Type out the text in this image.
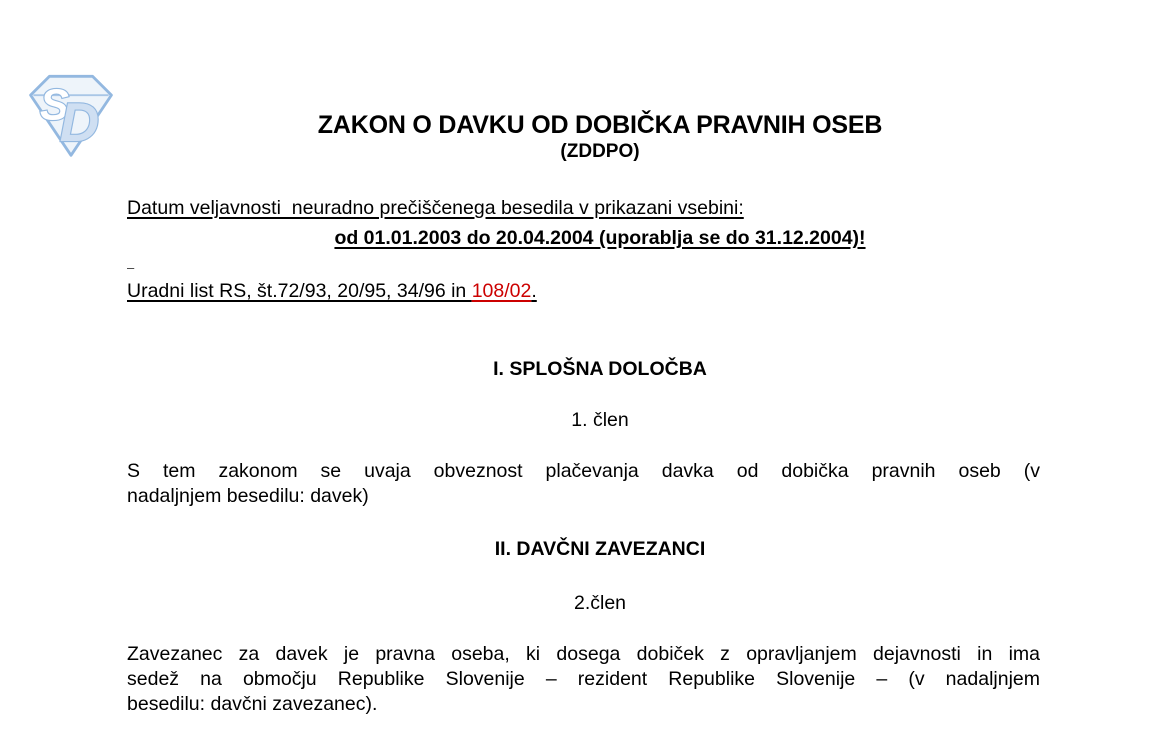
S
D	ZAKON O DAVKU OD DOBIČKA PRAVNIH OSEB
(ZDDPO)
Datum veljavnosti  neuradno prečiščenega besedila v prikazani vsebini:
od 01.01.2003 do 20.04.2004 (uporablja se do 31.12.2004)!
–
Uradni list RS, št.72/93, 20/95, 34/96 in 108/02.
I. SPLOŠNA DOLOČBA
1. člen
S tem zakonom se uvaja obveznost plačevanja davka od dobička pravnih oseb (v
nadaljnjem besedilu: davek)
II. DAVČNI ZAVEZANCI
2.člen
Zavezanec za davek je pravna oseba, ki dosega dobiček z opravljanjem dejavnosti in ima
sedež na območju Republike Slovenije – rezident Republike Slovenije – (v nadaljnjem
besedilu: davčni zavezanec).
